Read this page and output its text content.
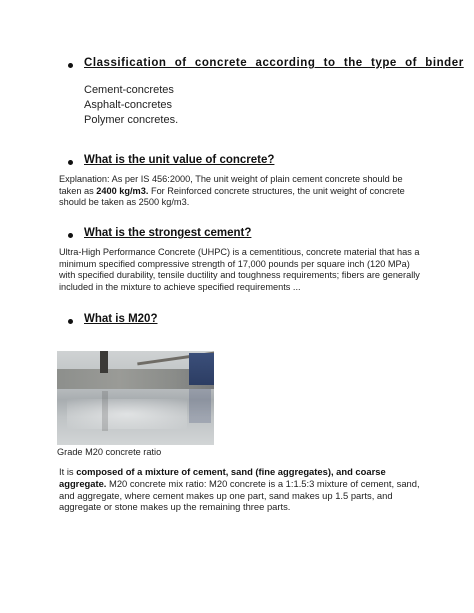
Classification of concrete according to the type of binder
Cement-concretes
Asphalt-concretes
Polymer concretes.
What is the unit value of concrete?
Explanation: As per IS 456:2000, The unit weight of plain cement concrete should be taken as 2400 kg/m3. For Reinforced concrete structures, the unit weight of concrete should be taken as 2500 kg/m3.
What is the strongest cement?
Ultra-High Performance Concrete (UHPC) is a cementitious, concrete material that has a minimum specified compressive strength of 17,000 pounds per square inch (120 MPa) with specified durability, tensile ductility and toughness requirements; fibers are generally included in the mixture to achieve specified requirements ...
What is M20?
Grade M20 concrete ratio
It is composed of a mixture of cement, sand (fine aggregates), and coarse aggregate. M20 concrete mix ratio: M20 concrete is a 1:1.5:3 mixture of cement, sand, and aggregate, where cement makes up one part, sand makes up 1.5 parts, and aggregate or stone makes up the remaining three parts.
